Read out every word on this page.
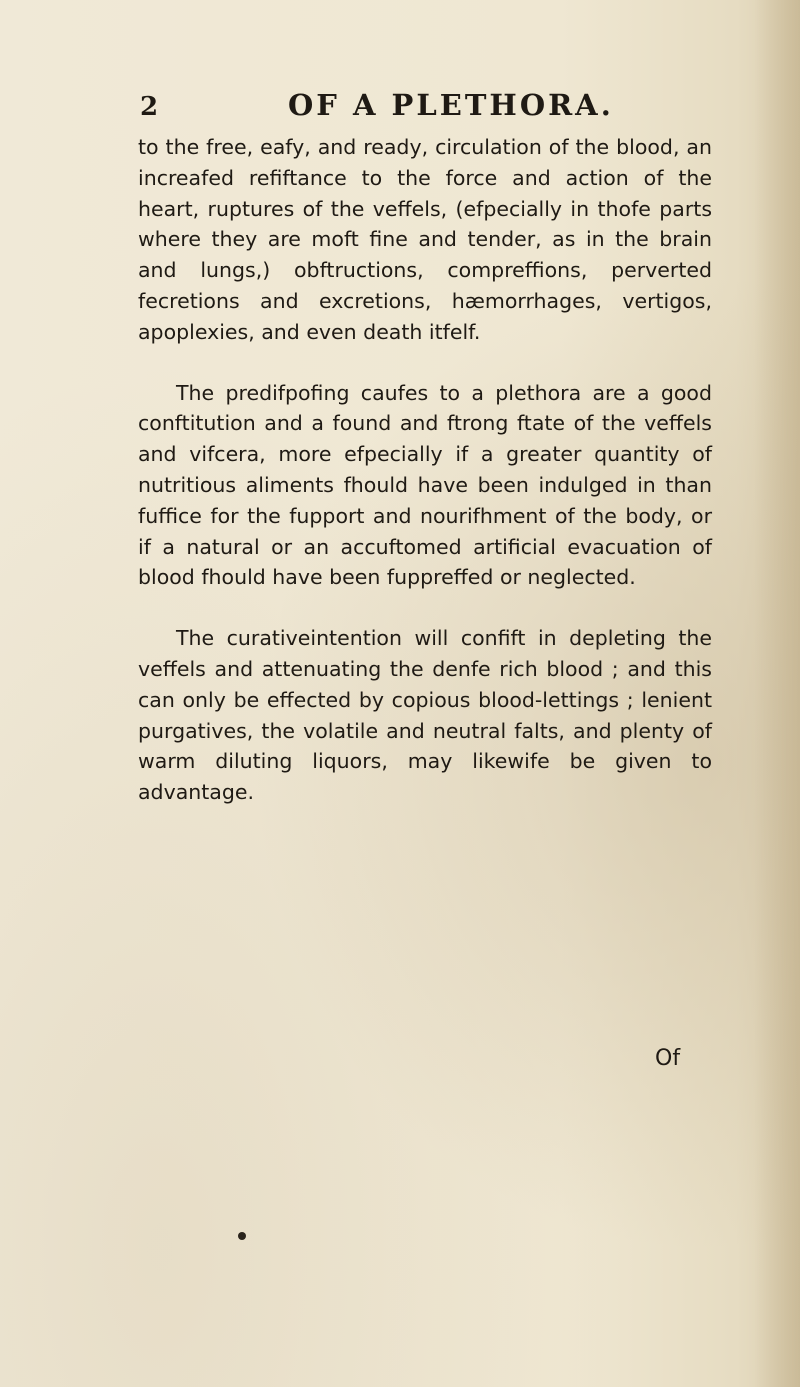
2	OF A PLETHORA.

to the free, eafy, and ready, circulation of the blood, an increafed refiftance to the force and action of the heart, ruptures of the veffels, (efpecially in thofe parts where they are moft fine and tender, as in the brain and lungs,) obftructions, compreffions, perverted fecretions and excretions, hæmorrhages, vertigos, apoplexies, and even death itfelf.

The predifpofing caufes to a plethora are a good conftitution and a found and ftrong ftate of the veffels and vifcera, more efpecially if a greater quantity of nutritious aliments fhould have been indulged in than fuffice for the fupport and nourifhment of the body, or if a natural or an accuftomed artificial evacuation of blood fhould have been fuppreffed or neglected.

The curativeintention will confift in depleting the veffels and attenuating the denfe rich blood ; and this can only be effected by copious blood-lettings ; lenient purgatives, the volatile and neutral falts, and plenty of warm diluting liquors, may likewife be given to advantage.

Of
